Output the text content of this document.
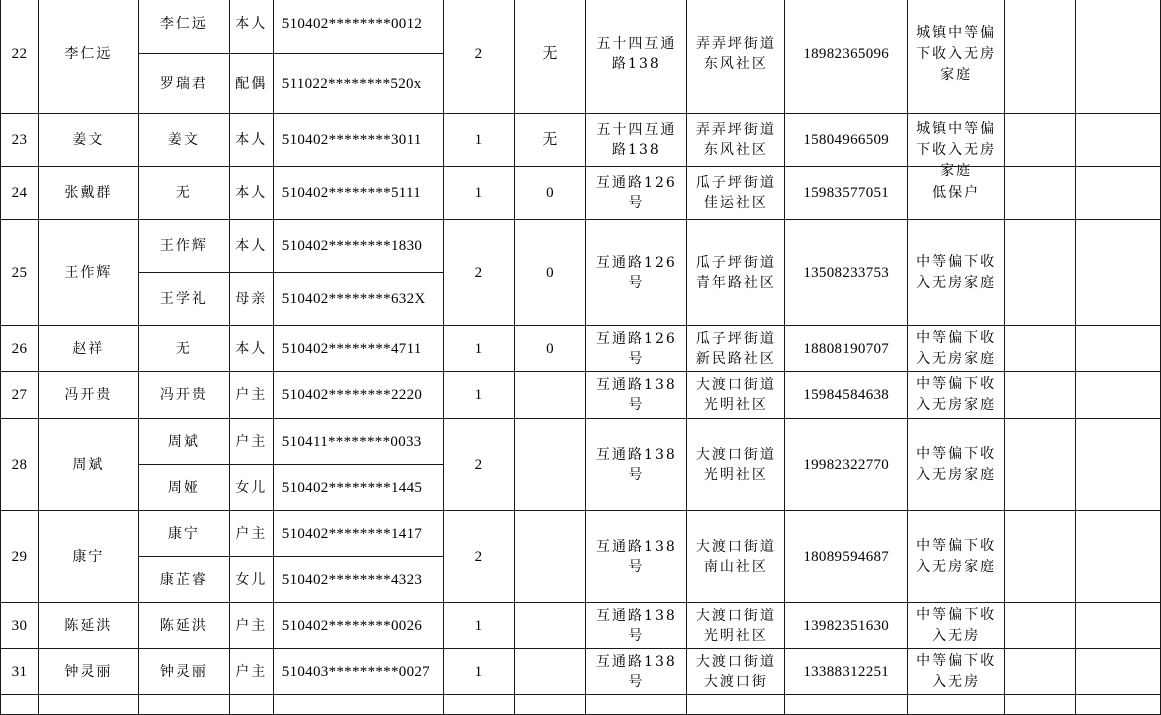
22	李仁远	李仁远	本人	510402********0012	2	无	五十四互通路138	弄弄坪街道东风社区	18982365096	城镇中等偏下收入无房家庭		

		罗瑞君	配偶	511022********520x								
23	姜文	姜文	本人	510402********3011	1	无	五十四互通路138	弄弄坪街道东风社区	15804966509	城镇中等偏下收入无房家庭		

24	张戴群	无	本人	510402********5111	1	0	互通路126号	瓜子坪街道佳运社区	15983577051	低保户		

25	王作辉	王作辉	本人	510402********1830	2	0	互通路126号	瓜子坪街道青年路社区	13508233753	中等偏下收入无房家庭		

		王学礼	母亲	510402********632X								
26	赵祥	无	本人	510402********4711	1	0	互通路126号	瓜子坪街道新民路社区	18808190707	中等偏下收入无房家庭		

27	冯开贵	冯开贵	户主	510402********2220	1		互通路138号	大渡口街道光明社区	15984584638	中等偏下收入无房家庭		

28	周斌	周斌	户主	510411********0033	2		互通路138号	大渡口街道光明社区	19982322770	中等偏下收入无房家庭		

		周娅	女儿	510402********1445								
29	康宁	康宁	户主	510402********1417	2		互通路138号	大渡口街道南山社区	18089594687	中等偏下收入无房家庭		

		康芷睿	女儿	510402********4323								
30	陈延洪	陈延洪	户主	510402********0026	1		互通路138号	大渡口街道光明社区	13982351630	中等偏下收入无房		

31	钟灵丽	钟灵丽	户主	510403*********0027	1		互通路138号	大渡口街道大渡口街	13388312251	中等偏下收入无房		
